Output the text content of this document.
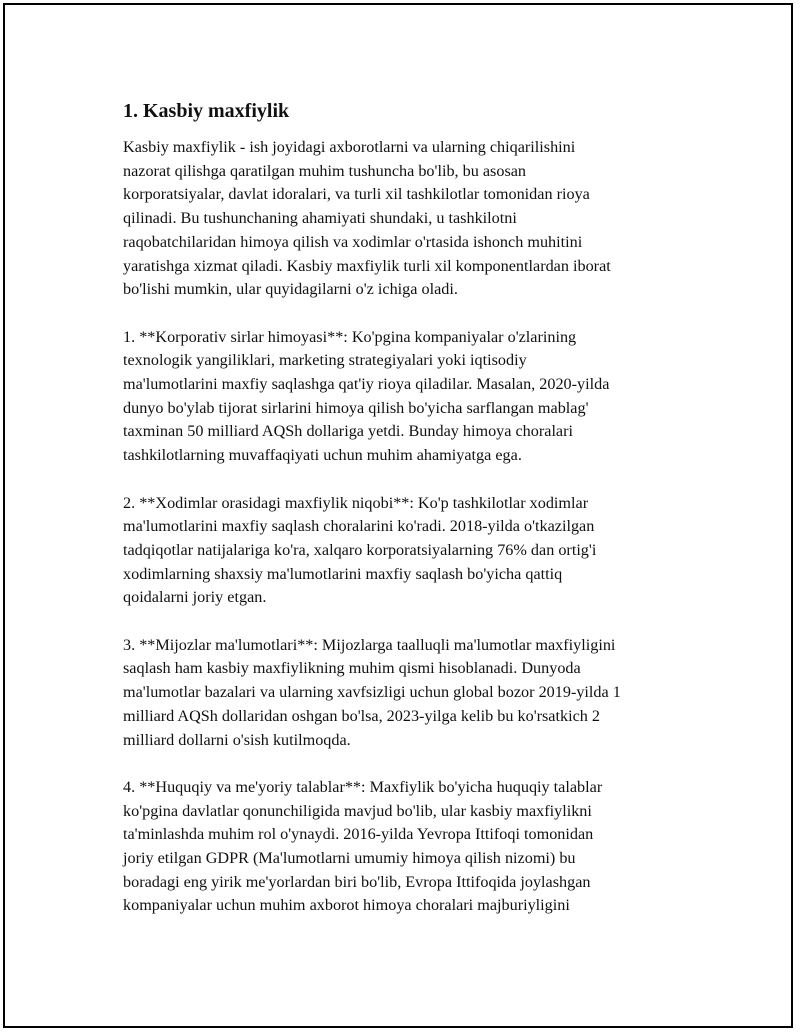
1. Kasbiy maxfiylik

Kasbiy maxfiylik - ish joyidagi axborotlarni va ularning chiqarilishini
nazorat qilishga qaratilgan muhim tushuncha bo'lib, bu asosan
korporatsiyalar, davlat idoralari, va turli xil tashkilotlar tomonidan rioya
qilinadi. Bu tushunchaning ahamiyati shundaki, u tashkilotni
raqobatchilaridan himoya qilish va xodimlar o'rtasida ishonch muhitini
yaratishga xizmat qiladi. Kasbiy maxfiylik turli xil komponentlardan iborat
bo'lishi mumkin, ular quyidagilarni o'z ichiga oladi.

1. **Korporativ sirlar himoyasi**: Ko'pgina kompaniyalar o'zlarining
texnologik yangiliklari, marketing strategiyalari yoki iqtisodiy
ma'lumotlarini maxfiy saqlashga qat'iy rioya qiladilar. Masalan, 2020-yilda
dunyo bo'ylab tijorat sirlarini himoya qilish bo'yicha sarflangan mablag'
taxminan 50 milliard AQSh dollariga yetdi. Bunday himoya choralari
tashkilotlarning muvaffaqiyati uchun muhim ahamiyatga ega.

2. **Xodimlar orasidagi maxfiylik niqobi**: Ko'p tashkilotlar xodimlar
ma'lumotlarini maxfiy saqlash choralarini ko'radi. 2018-yilda o'tkazilgan
tadqiqotlar natijalariga ko'ra, xalqaro korporatsiyalarning 76% dan ortig'i
xodimlarning shaxsiy ma'lumotlarini maxfiy saqlash bo'yicha qattiq
qoidalarni joriy etgan.

3. **Mijozlar ma'lumotlari**: Mijozlarga taalluqli ma'lumotlar maxfiyligini
saqlash ham kasbiy maxfiylikning muhim qismi hisoblanadi. Dunyoda
ma'lumotlar bazalari va ularning xavfsizligi uchun global bozor 2019-yilda 1
milliard AQSh dollaridan oshgan bo'lsa, 2023-yilga kelib bu ko'rsatkich 2
milliard dollarni o'sish kutilmoqda.

4. **Huquqiy va me'yoriy talablar**: Maxfiylik bo'yicha huquqiy talablar
ko'pgina davlatlar qonunchiligida mavjud bo'lib, ular kasbiy maxfiylikni
ta'minlashda muhim rol o'ynaydi. 2016-yilda Yevropa Ittifoqi tomonidan
joriy etilgan GDPR (Ma'lumotlarni umumiy himoya qilish nizomi) bu
boradagi eng yirik me'yorlardan biri bo'lib, Evropa Ittifoqida joylashgan
kompaniyalar uchun muhim axborot himoya choralari majburiyligini
